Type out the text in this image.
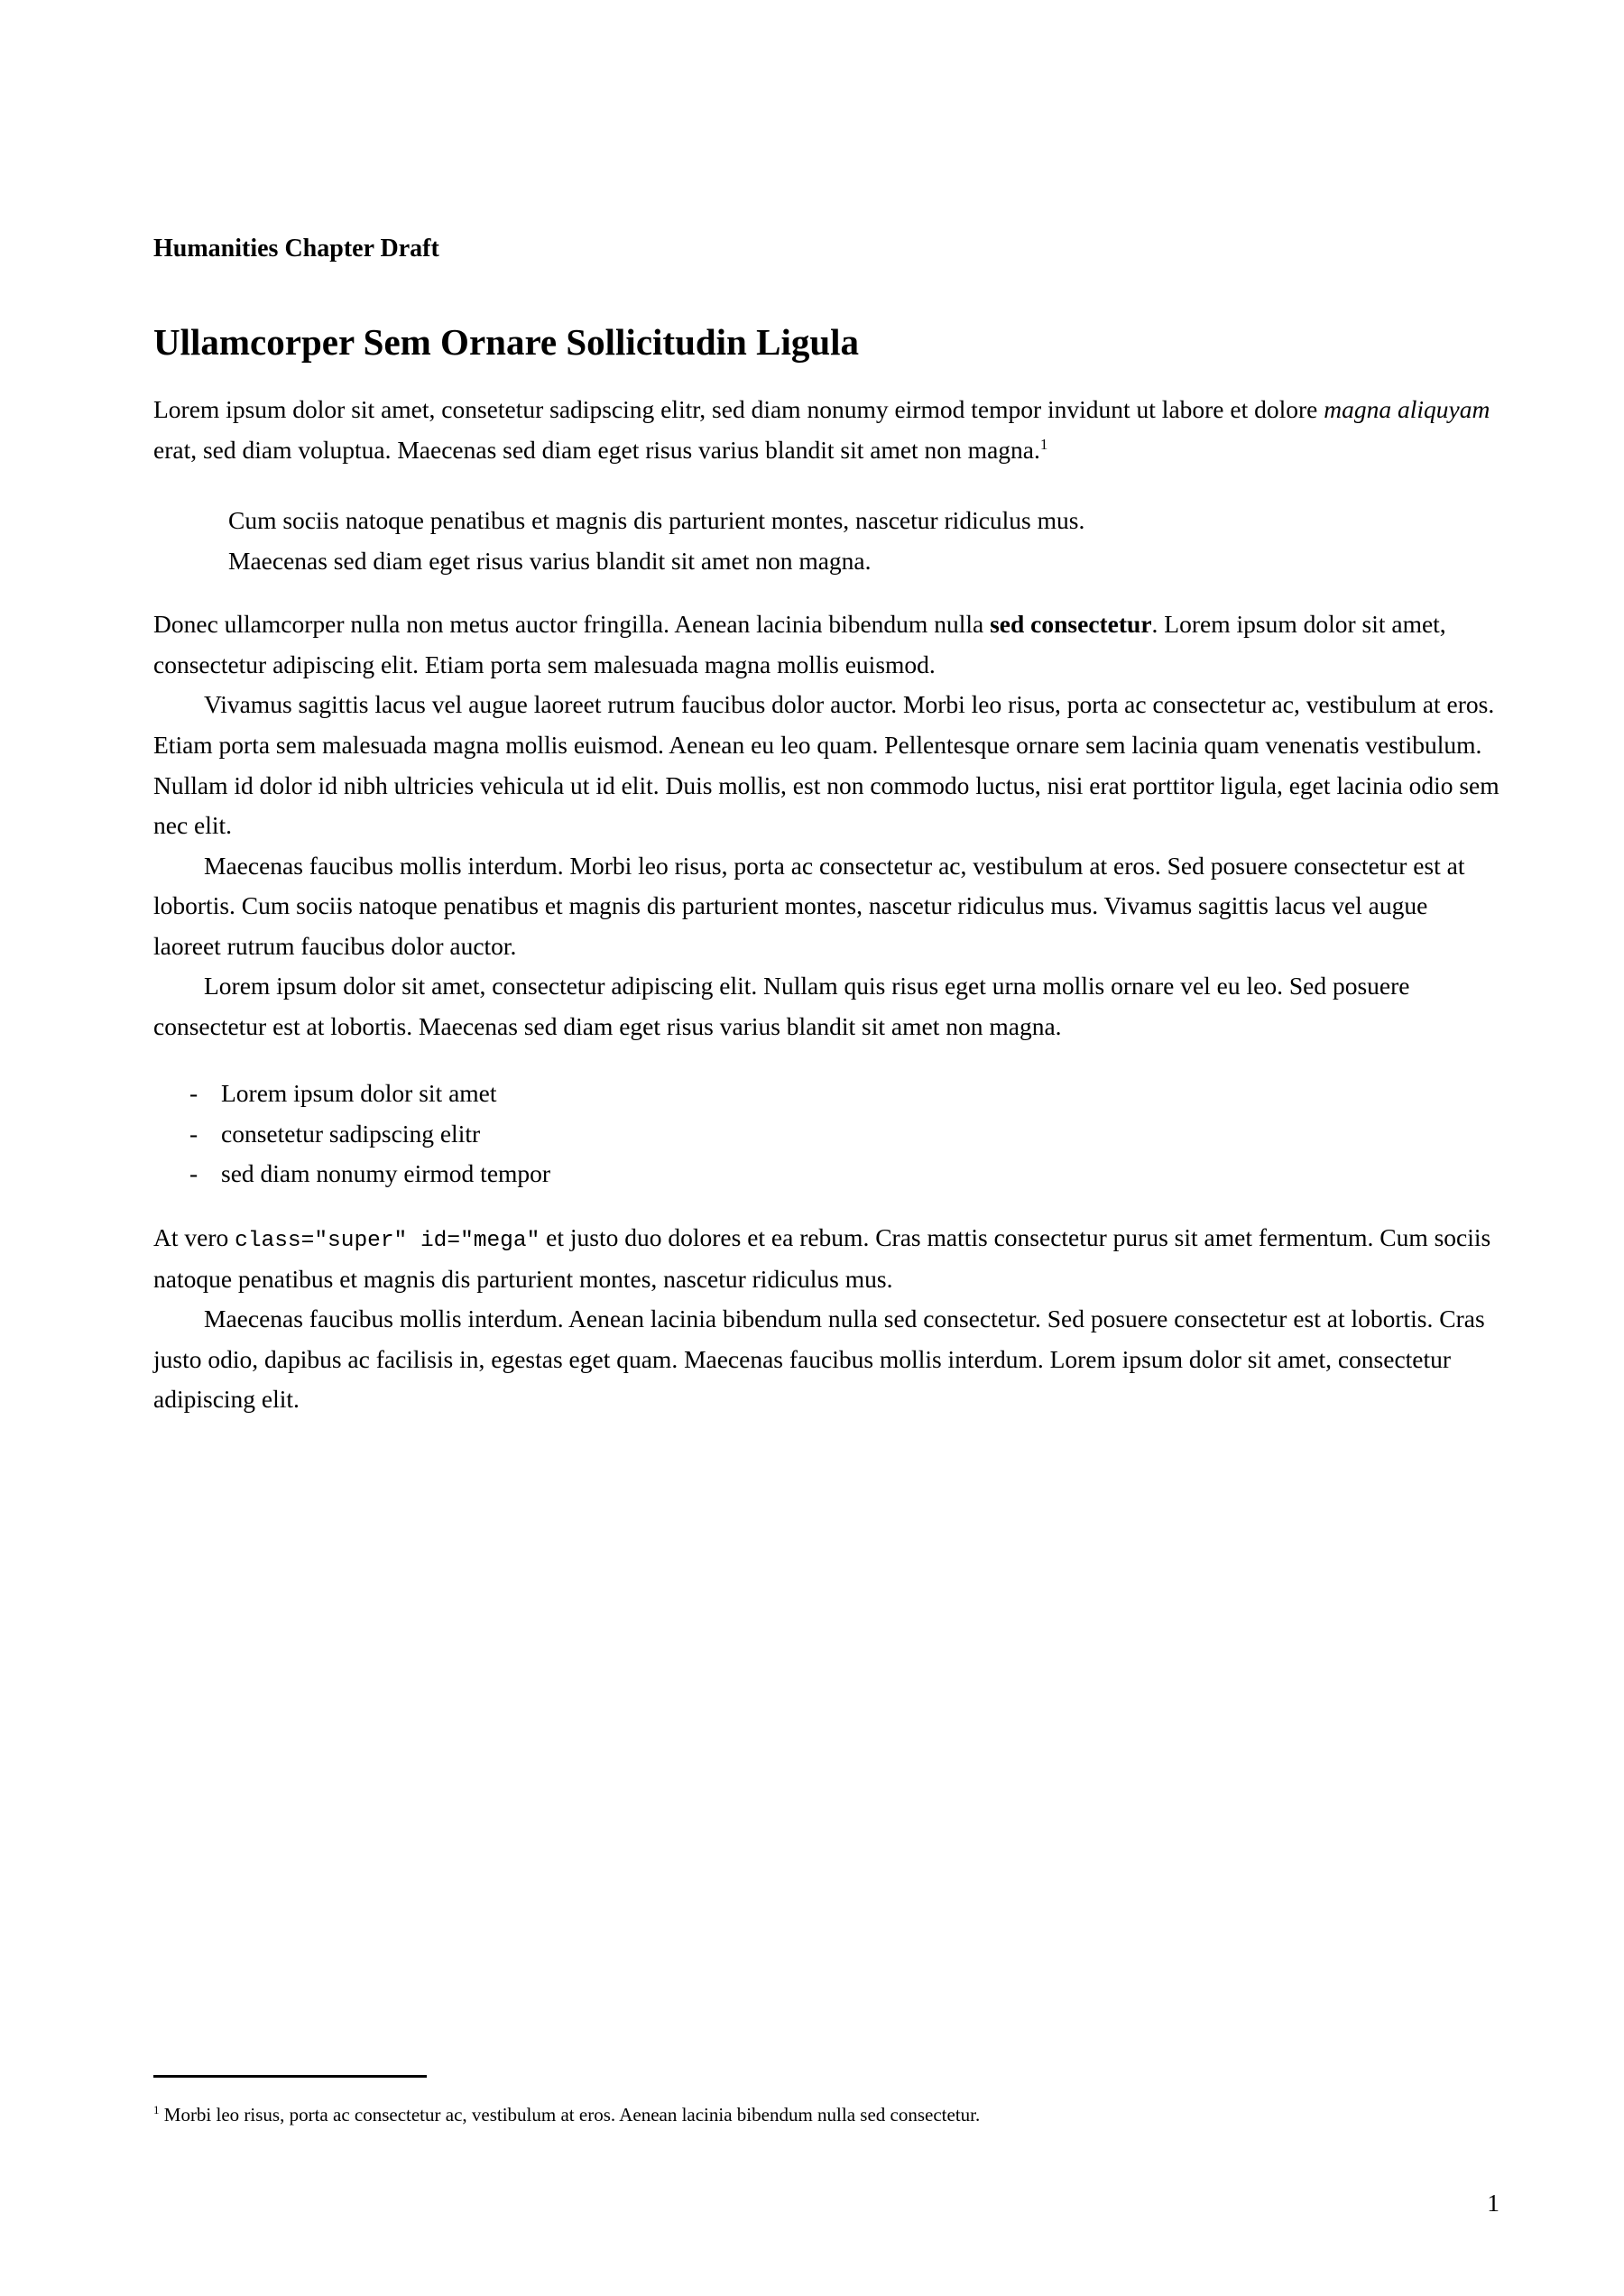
Humanities Chapter Draft
Ullamcorper Sem Ornare Sollicitudin Ligula

Lorem ipsum dolor sit amet, consetetur sadipscing elitr, sed diam nonumy eirmod tempor invidunt ut labore et dolore magna aliquyam erat, sed diam voluptua. Maecenas sed diam eget risus varius blandit sit amet non magna.$^1$

Cum sociis natoque penatibus et magnis dis parturient montes, nascetur ridiculus mus.
Maecenas sed diam eget risus varius blandit sit amet non magna.

Donec ullamcorper nulla non metus auctor fringilla. Aenean lacinia bibendum nulla sed consectetur. Lorem ipsum dolor sit amet, consectetur adipiscing elit. Etiam porta sem malesuada magna mollis euismod.

Vivamus sagittis lacus vel augue laoreet rutrum faucibus dolor auctor. Morbi leo risus, porta ac consectetur ac, vestibulum at eros. Etiam porta sem malesuada magna mollis euismod. Aenean eu leo quam. Pellentesque ornare sem lacinia quam venenatis vestibulum. Nullam id dolor id nibh ultricies vehicula ut id elit. Duis mollis, est non commodo luctus, nisi erat porttitor ligula, eget lacinia odio sem nec elit.

Maecenas faucibus mollis interdum. Morbi leo risus, porta ac consectetur ac, vestibulum at eros. Sed posuere consectetur est at lobortis. Cum sociis natoque penatibus et magnis dis parturient montes, nascetur ridiculus mus. Vivamus sagittis lacus vel augue laoreet rutrum faucibus dolor auctor.

Lorem ipsum dolor sit amet, consectetur adipiscing elit. Nullam quis risus eget urna mollis ornare vel eu leo. Sed posuere consectetur est at lobortis. Maecenas sed diam eget risus varius blandit sit amet non magna.

- Lorem ipsum dolor sit amet
- consetetur sadipscing elitr
- sed diam nonumy eirmod tempor

At vero class="super" id="mega" et justo duo dolores et ea rebum. Cras mattis consectetur purus sit amet fermentum. Cum sociis natoque penatibus et magnis dis parturient montes, nascetur ridiculus mus.

Maecenas faucibus mollis interdum. Aenean lacinia bibendum nulla sed consectetur. Sed posuere consectetur est at lobortis. Cras justo odio, dapibus ac facilisis in, egestas eget quam. Maecenas faucibus mollis interdum. Lorem ipsum dolor sit amet, consectetur adipiscing elit.

$^1$ Morbi leo risus, porta ac consectetur ac, vestibulum at eros. Aenean lacinia bibendum nulla sed consectetur.

1
